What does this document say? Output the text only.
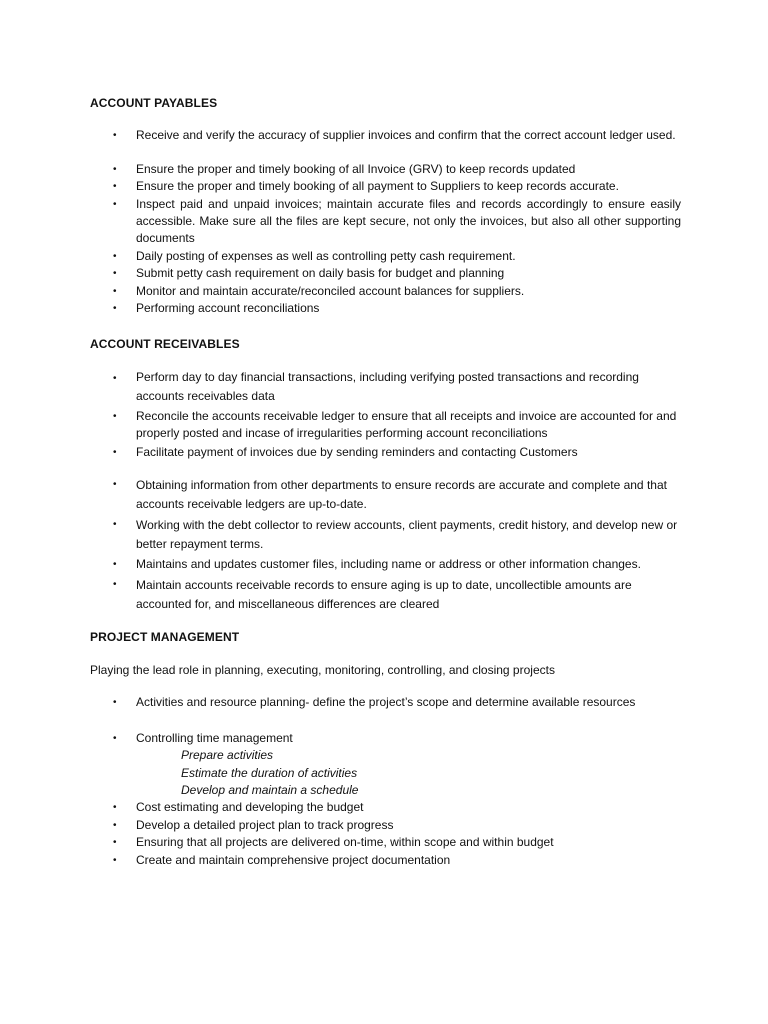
ACCOUNT PAYABLES
•
Receive and verify the accuracy of supplier invoices and confirm that the correct account ledger used.
•
Ensure the proper and timely booking of all Invoice (GRV) to keep records updated
•
Ensure the proper and timely booking of all payment to Suppliers to keep records accurate.
•
Inspect paid and unpaid invoices; maintain accurate files and records accordingly to ensure easily accessible. Make sure all the files are kept secure, not only the invoices, but also all other supporting documents
•
Daily posting of expenses as well as controlling petty cash requirement.
•
Submit petty cash requirement on daily basis for budget and planning
•
Monitor and maintain accurate/reconciled account balances for suppliers.
•
Performing account reconciliations
ACCOUNT RECEIVABLES
•
Perform day to day financial transactions, including verifying posted transactions and recording accounts receivables data
•
Reconcile the accounts receivable ledger to ensure that all receipts and invoice are accounted for and properly posted and incase of irregularities performing account reconciliations
•
Facilitate payment of invoices due by sending reminders and contacting Customers
•
Obtaining information from other departments to ensure records are accurate and complete and that accounts receivable ledgers are up-to-date.
•
Working with the debt collector to review accounts, client payments, credit history, and develop new or better repayment terms.
•
Maintains and updates customer files, including name or address or other information changes.
•
Maintain accounts receivable records to ensure aging is up to date, uncollectible amounts are accounted for, and miscellaneous differences are cleared
PROJECT MANAGEMENT
Playing the lead role in planning, executing, monitoring, controlling, and closing projects
•
Activities and resource planning- define the project’s scope and determine available resources
•
Controlling time management
Prepare activities
Estimate the duration of activities
Develop and maintain a schedule
•
Cost estimating and developing the budget
•
Develop a detailed project plan to track progress
•
Ensuring that all projects are delivered on-time, within scope and within budget
•
Create and maintain comprehensive project documentation
